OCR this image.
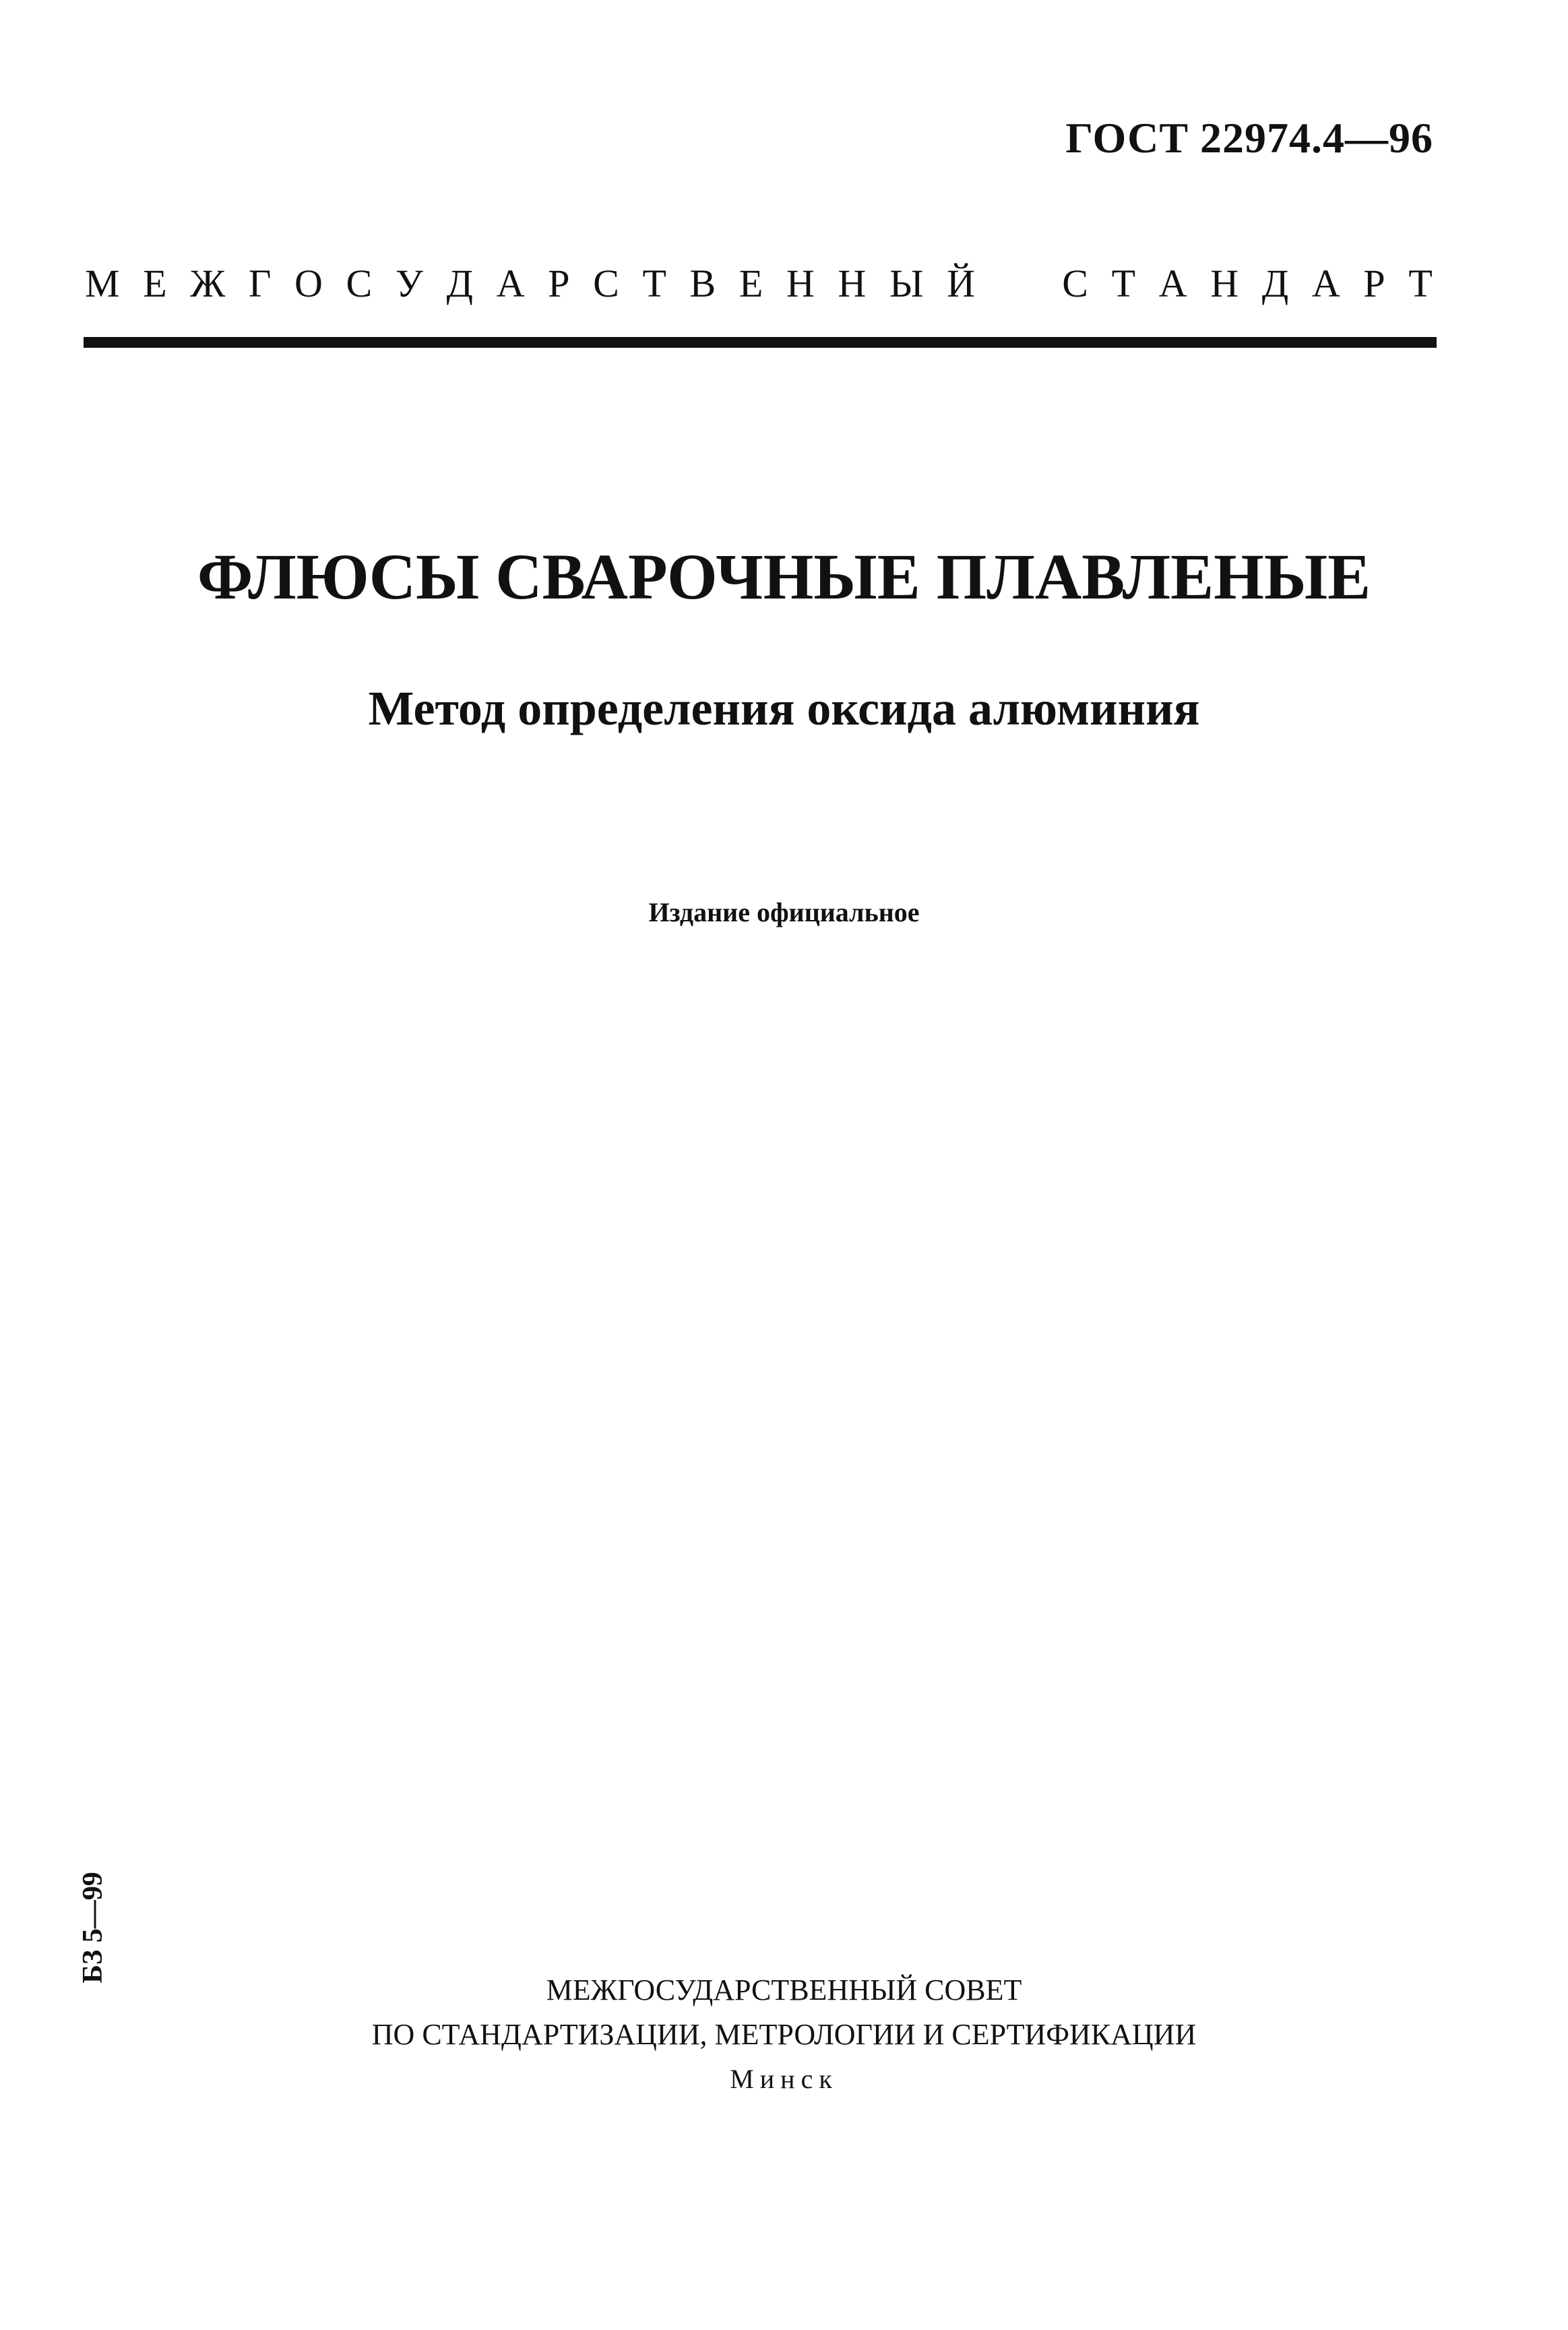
ГОСТ 22974.4—96
М Е Ж Г О С У Д А Р С Т В Е Н Н Ы Й С Т А Н Д А Р Т
ФЛЮСЫ СВАРОЧНЫЕ ПЛАВЛЕНЫЕ
Метод определения оксида алюминия
Издание официальное
БЗ 5—99
МЕЖГОСУДАРСТВЕННЫЙ СОВЕТ
ПО СТАНДАРТИЗАЦИИ, МЕТРОЛОГИИ И СЕРТИФИКАЦИИ
Минск
